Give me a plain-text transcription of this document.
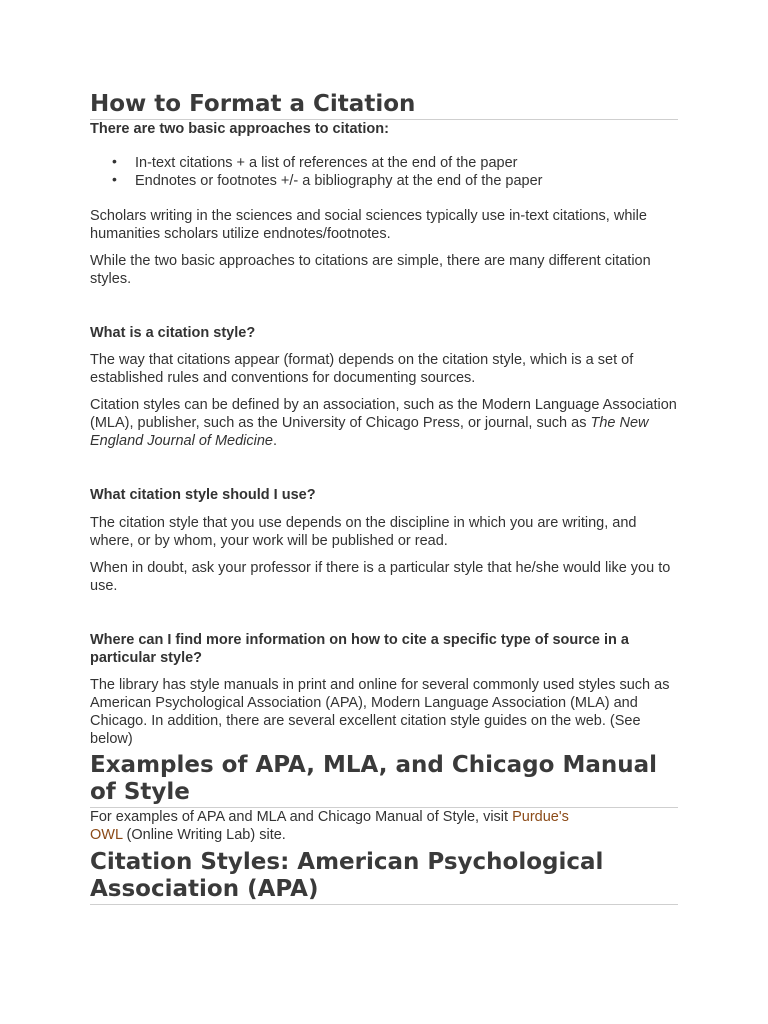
How to Format a Citation

There are two basic approaches to citation:

• In-text citations + a list of references at the end of the paper
• Endnotes or footnotes +/- a bibliography at the end of the paper

Scholars writing in the sciences and social sciences typically use in-text citations, while humanities scholars utilize endnotes/footnotes.

While the two basic approaches to citations are simple, there are many different citation styles.

What is a citation style?

The way that citations appear (format) depends on the citation style, which is a set of established rules and conventions for documenting sources.

Citation styles can be defined by an association, such as the Modern Language Association (MLA), publisher, such as the University of Chicago Press, or journal, such as The New England Journal of Medicine.

What citation style should I use?

The citation style that you use depends on the discipline in which you are writing, and where, or by whom, your work will be published or read.

When in doubt, ask your professor if there is a particular style that he/she would like you to use.

Where can I find more information on how to cite a specific type of source in a particular style?

The library has style manuals in print and online for several commonly used styles such as American Psychological Association (APA), Modern Language Association (MLA) and Chicago. In addition, there are several excellent citation style guides on the web. (See below)

Examples of APA, MLA, and Chicago Manual of Style

For examples of APA and MLA and Chicago Manual of Style, visit Purdue's OWL (Online Writing Lab) site.

Citation Styles: American Psychological Association (APA)
